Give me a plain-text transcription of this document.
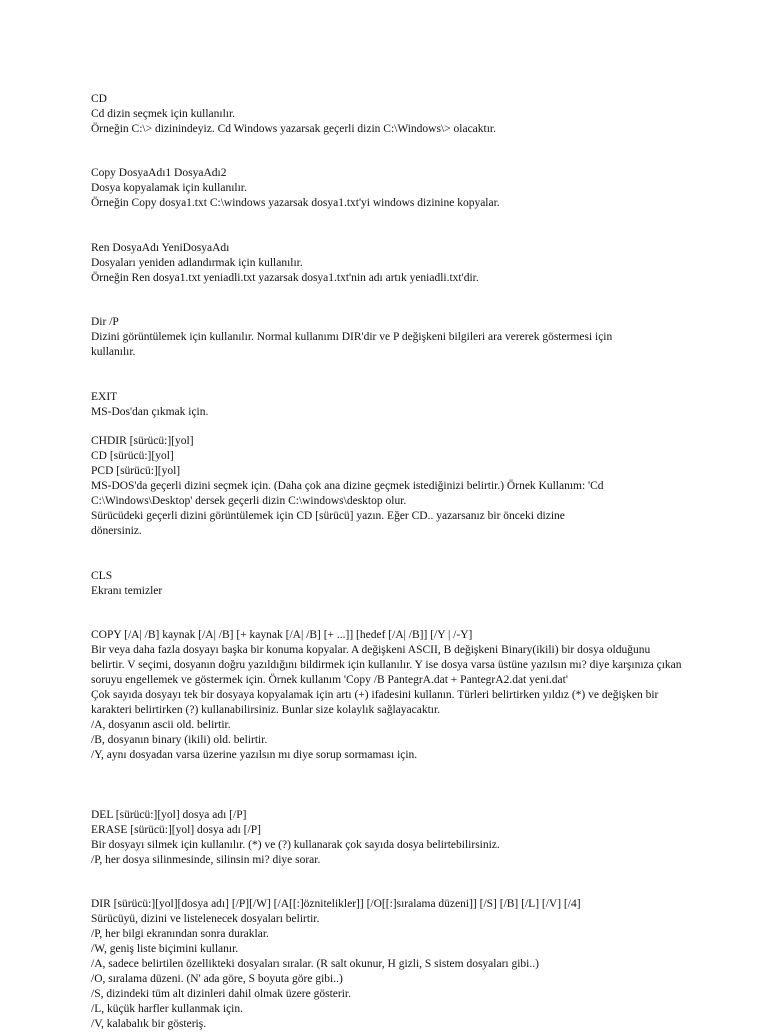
CD
Cd dizin seçmek için kullanılır.
Örneğin C:\> dizinindeyiz. Cd Windows yazarsak geçerli dizin C:\Windows\> olacaktır.
Copy DosyaAdı1 DosyaAdı2
Dosya kopyalamak için kullanılır.
Örneğin Copy dosya1.txt C:\windows yazarsak dosya1.txt'yi windows dizinine kopyalar.
Ren DosyaAdı YeniDosyaAdı
Dosyaları yeniden adlandırmak için kullanılır.
Örneğin Ren dosya1.txt yeniadli.txt yazarsak dosya1.txt'nin adı artık yeniadli.txt'dir.
Dir /P
Dizini görüntülemek için kullanılır. Normal kullanımı DIR'dir ve P değişkeni bilgileri ara vererek göstermesi için
kullanılır.
EXIT
MS-Dos'dan çıkmak için.
CHDIR [sürücü:][yol]
CD [sürücü:][yol]
PCD [sürücü:][yol]
MS-DOS'da geçerli dizini seçmek için. (Daha çok ana dizine geçmek istediğinizi belirtir.) Örnek Kullanım: 'Cd
C:\Windows\Desktop' dersek geçerli dizin C:\windows\desktop olur.
Sürücüdeki geçerli dizini görüntülemek için CD [sürücü] yazın. Eğer CD.. yazarsanız bir önceki dizine
dönersiniz.
CLS
Ekranı temizler
COPY [/A| /B] kaynak [/A| /B] [+ kaynak [/A| /B] [+ ...]] [hedef [/A| /B]] [/Y | /-Y]
Bir veya daha fazla dosyayı başka bir konuma kopyalar. A değişkeni ASCII, B değişkeni Binary(ikili) bir dosya olduğunu belirtir. V seçimi, dosyanın doğru yazıldığını bildirmek için kullanılır. Y ise dosya varsa üstüne yazılsın mı? diye karşınıza çıkan soruyu engellemek ve göstermek için. Örnek kullanım 'Copy /B PantegrA.dat + PantegrA2.dat yeni.dat'
Çok sayıda dosyayı tek bir dosyaya kopyalamak için artı (+) ifadesini kullanın. Türleri belirtirken yıldız (*) ve değişken bir karakteri belirtirken (?) kullanabilirsiniz. Bunlar size kolaylık sağlayacaktır.
/A, dosyanın ascii old. belirtir.
/B, dosyanın binary (ikili) old. belirtir.
/Y, aynı dosyadan varsa üzerine yazılsın mı diye sorup sormaması için.
DEL [sürücü:][yol] dosya adı [/P]
ERASE [sürücü:][yol] dosya adı [/P]
Bir dosyayı silmek için kullanılır. (*) ve (?) kullanarak çok sayıda dosya belirtebilirsiniz.
/P, her dosya silinmesinde, silinsin mi? diye sorar.
DIR [sürücü:][yol][dosya adı] [/P][/W] [/A[[:]öznitelikler]] [/O[[:]sıralama düzeni]] [/S] [/B] [/L] [/V] [/4]
Sürücüyü, dizini ve listelenecek dosyaları belirtir.
/P, her bilgi ekranından sonra duraklar.
/W, geniş liste biçimini kullanır.
/A, sadece belirtilen özellikteki dosyaları sıralar. (R salt okunur, H gizli, S sistem dosyaları gibi..)
/O, sıralama düzeni. (N' ada göre, S boyuta göre gibi..)
/S, dizindeki tüm alt dizinleri dahil olmak üzere gösterir.
/L, küçük harfler kullanmak için.
/V, kalabalık bir gösteriş.
